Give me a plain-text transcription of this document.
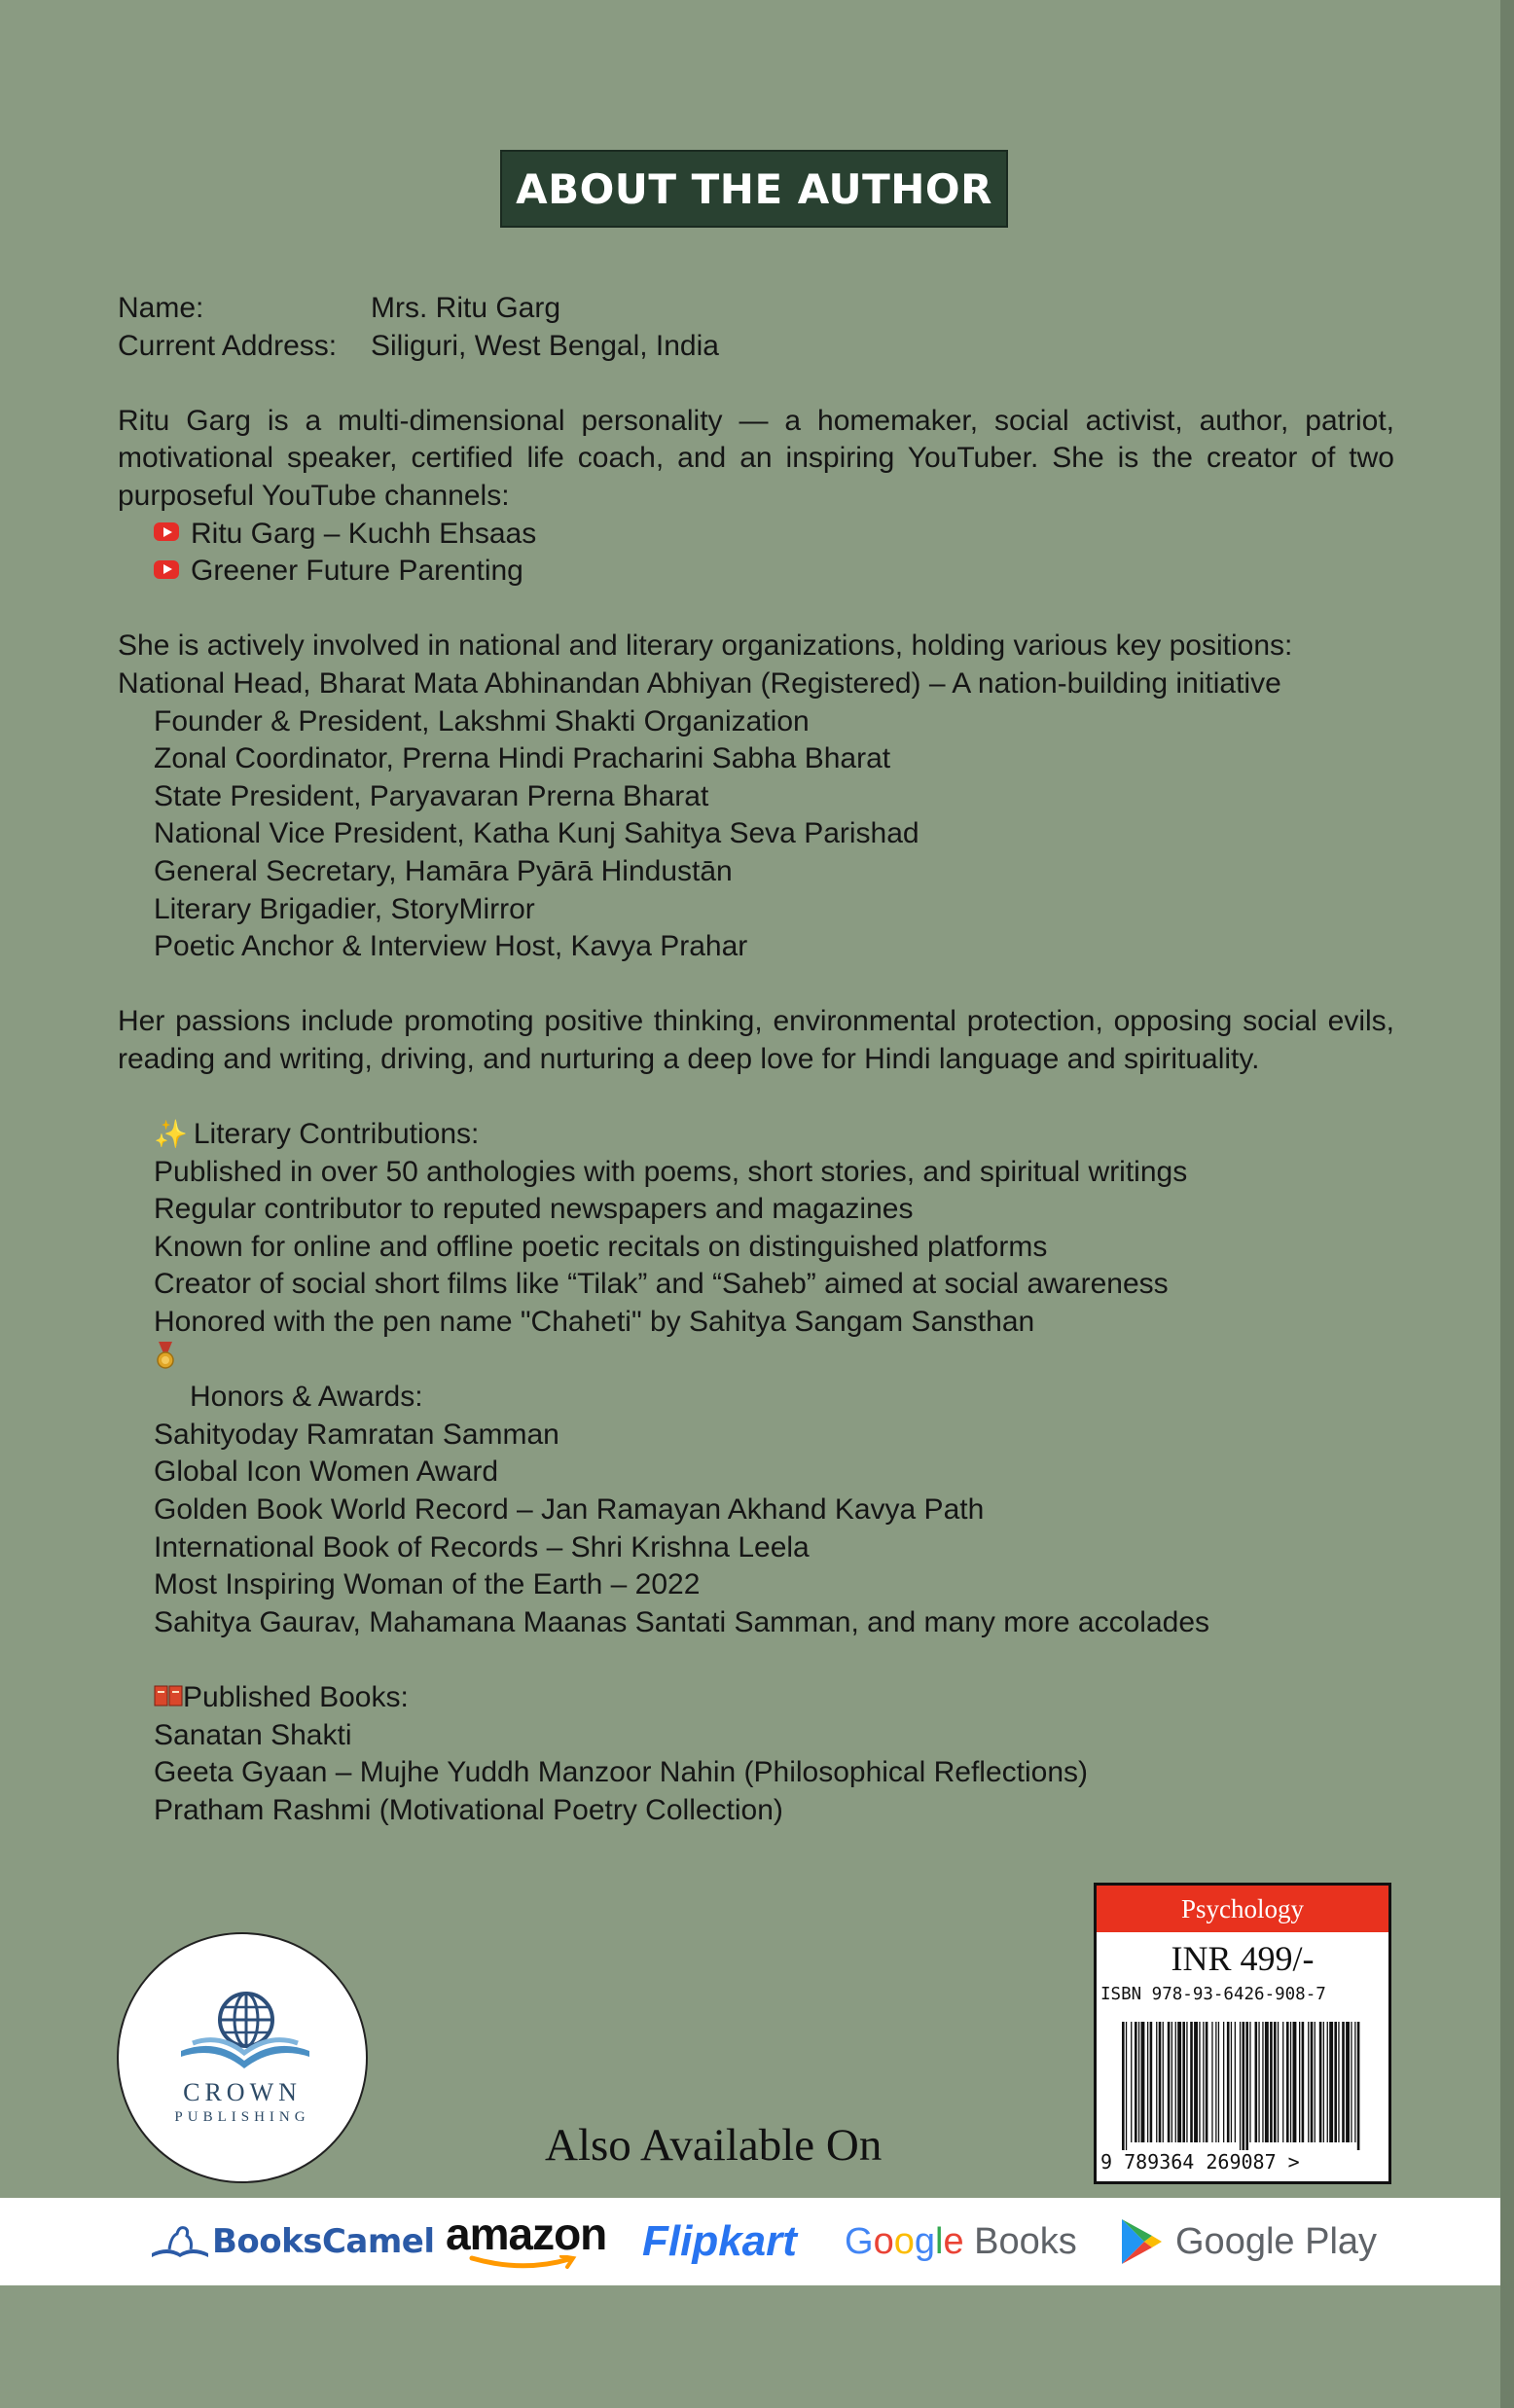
ABOUT THE AUTHOR
Name:	Mrs. Ritu Garg
Current Address:	Siliguri, West Bengal, India
Ritu Garg is a multi-dimensional personality — a homemaker, social activist, author, patriot, motivational speaker, certified life coach, and an inspiring YouTuber. She is the creator of two purposeful YouTube channels:
Ritu Garg – Kuchh Ehsaas
Greener Future Parenting
She is actively involved in national and literary organizations, holding various key positions:
National Head, Bharat Mata Abhinandan Abhiyan (Registered) – A nation-building initiative
Founder & President, Lakshmi Shakti Organization
Zonal Coordinator, Prerna Hindi Pracharini Sabha Bharat
State President, Paryavaran Prerna Bharat
National Vice President, Katha Kunj Sahitya Seva Parishad
General Secretary, Hamāra Pyārā Hindustān
Literary Brigadier, StoryMirror
Poetic Anchor & Interview Host, Kavya Prahar
Her passions include promoting positive thinking, environmental protection, opposing social evils, reading and writing, driving, and nurturing a deep love for Hindi language and spirituality.
✨ Literary Contributions:
Published in over 50 anthologies with poems, short stories, and spiritual writings
Regular contributor to reputed newspapers and magazines
Known for online and offline poetic recitals on distinguished platforms
Creator of social short films like “Tilak” and “Saheb” aimed at social awareness
Honored with the pen name "Chaheti" by Sahitya Sangam Sansthan
Honors & Awards:
Sahityoday Ramratan Samman
Global Icon Women Award
Golden Book World Record – Jan Ramayan Akhand Kavya Path
International Book of Records – Shri Krishna Leela
Most Inspiring Woman of the Earth – 2022
Sahitya Gaurav, Mahamana Maanas Santati Samman, and many more accolades
Published Books:
Sanatan Shakti
Geeta Gyaan – Mujhe Yuddh Manzoor Nahin (Philosophical Reflections)
Pratham Rashmi (Motivational Poetry Collection)
CROWN
PUBLISHING
Psychology
INR 499/-
ISBN 978-93-6426-908-7
9 789364 269087 >
Also Available On
BooksCamel amazon Flipkart Google Books	Google Play
